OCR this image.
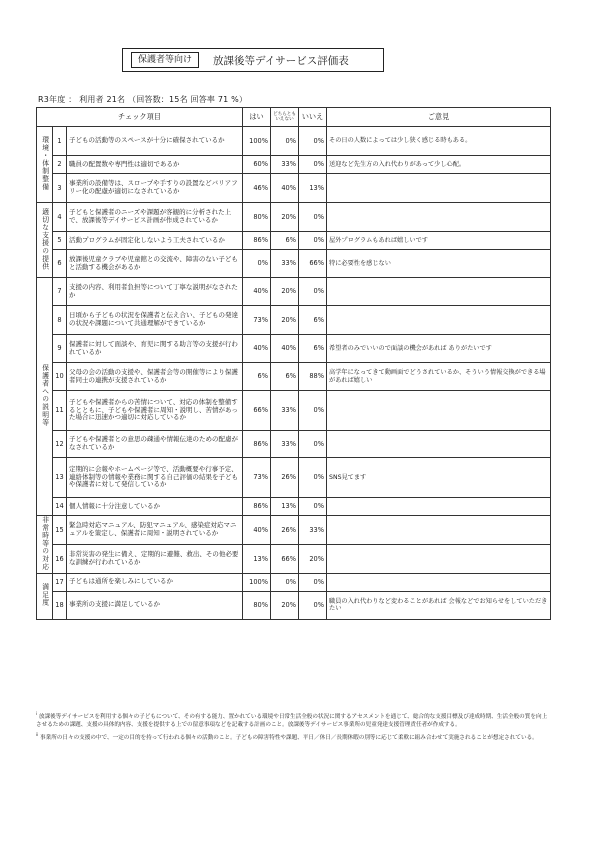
保護者等向け	放課後等デイサービス評価表
R3年度 ： 利用者 21名 （回答数：15名 回答率 71 %）
チェック項目			はい	どちらともいえない	いいえ	ご意見
環境・体制整備	1	子どもの活動等のスペースが十分に確保されているか	100%	0%	0%	その日の人数によっては少し狭く感じる時もある。
	2	職員の配置数や専門性は適切であるか	60%	33%	0%	送迎など先生方の入れ代わりがあって少し心配。
	3	事業所の設備等は、スロープや手すりの設置などバリアフリー化の配慮が適切になされているか	46%	40%	13%	
適切な支援の提供	4	子どもと保護者のニーズや課題が客観的に分析された上で、放課後等デイサービス計画が作成されているか	80%	20%	0%	
	5	活動プログラムが固定化しないよう工夫されているか	86%	6%	0%	屋外プログラムもあれば嬉しいです
	6	放課後児童クラブや児童館との交流や、障害のない子どもと活動する機会があるか	0%	33%	66%	特に必要性を感じない
保護者への説明等	7	支援の内容、利用者負担等について丁寧な説明がなされたか	40%	20%	0%	
	8	日頃から子どもの状況を保護者と伝え合い、子どもの発達の状況や課題について共通理解ができているか	73%	20%	6%	
	9	保護者に対して面談や、育児に関する助言等の支援が行われているか	40%	40%	6%	希望者のみでいいので面談の機会があれば ありがたいです
	10	父母の会の活動の支援や、保護者会等の開催等により保護者同士の連携が支援されているか	6%	6%	88%	高学年になってきて動画面でどうされているか、そういう情報交換ができる場があれば嬉しい
	11	子どもや保護者からの苦情について、対応の体制を整備するとともに、子どもや保護者に周知・説明し、苦情があった場合に迅速かつ適切に対応しているか	66%	33%	0%	
	12	子どもや保護者との意思の疎通や情報伝達のための配慮がなされているか	86%	33%	0%	
	13	定期的に会報やホームページ等で、活動概要や行事予定、連絡体制等の情報や業務に関する自己評価の結果を子どもや保護者に対して発信しているか	73%	26%	0%	SNS見てます
	14	個人情報に十分注意しているか	86%	13%	0%	
非常時等の対応	15	緊急時対応マニュアル、防犯マニュアル、感染症対応マニュアルを策定し、保護者に周知・説明されているか	40%	26%	33%	
	16	非常災害の発生に備え、定期的に避難、救出、その他必要な訓練が行われているか	13%	66%	20%	
満足度	17	子どもは通所を楽しみにしているか	100%	0%	0%	
	18	事業所の支援に満足しているか	80%	20%	0%	職員の入れ代わりなど変わることがあれば 会報などでお知らせをしていただきたい

$^i$ 放課後等デイサービスを利用する個々の子どもについて、その有する能力、置かれている環境や日常生活全般の状況に関するアセスメントを通じて、総合的な支援目標及び達成時期、生活全般の質を向上させるための課題、支援の具体的内容、支援を提供する上での留意事項などを記載する計画のこと。放課後等デイサービス事業所の児童発達支援管理責任者が作成する。

$^{ii}$ 事業所の日々の支援の中で、一定の目的を持って行われる個々の活動のこと。子どもの障害特性や課題、平日／休日／長期休暇の別等に応じて柔軟に組み合わせて実施されることが想定されている。
